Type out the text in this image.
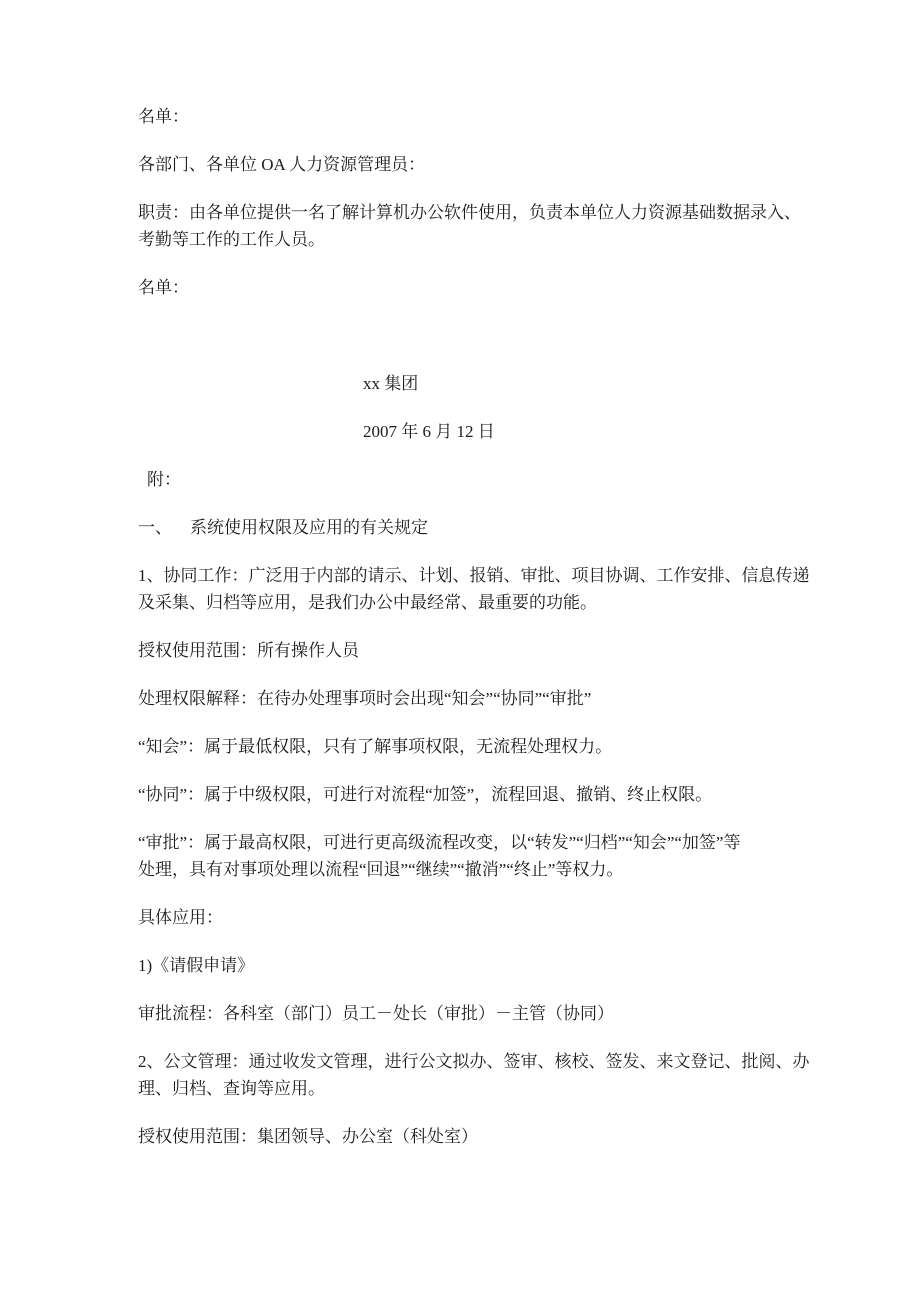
名单：

各部门、各单位 OA 人力资源管理员：

职责：由各单位提供一名了解计算机办公软件使用，负责本单位人力资源基础数据录入、
考勤等工作的工作人员。

名单：

xx 集团

2007 年 6 月 12 日

附：

一、 系统使用权限及应用的有关规定

1、协同工作：广泛用于内部的请示、计划、报销、审批、项目协调、工作安排、信息传递
及采集、归档等应用，是我们办公中最经常、最重要的功能。

授权使用范围：所有操作人员

处理权限解释：在待办处理事项时会出现“知会”“协同”“审批”

“知会”：属于最低权限，只有了解事项权限，无流程处理权力。

“协同”：属于中级权限，可进行对流程“加签”，流程回退、撤销、终止权限。

“审批”：属于最高权限，可进行更高级流程改变，以“转发”“归档”“知会”“加签”等
处理，具有对事项处理以流程“回退”“继续”“撤消”“终止”等权力。

具体应用：

1)《请假申请》

审批流程：各科室（部门）员工－处长（审批）－主管（协同）

2、公文管理：通过收发文管理，进行公文拟办、签审、核校、签发、来文登记、批阅、办
理、归档、查询等应用。

授权使用范围：集团领导、办公室（科处室）
